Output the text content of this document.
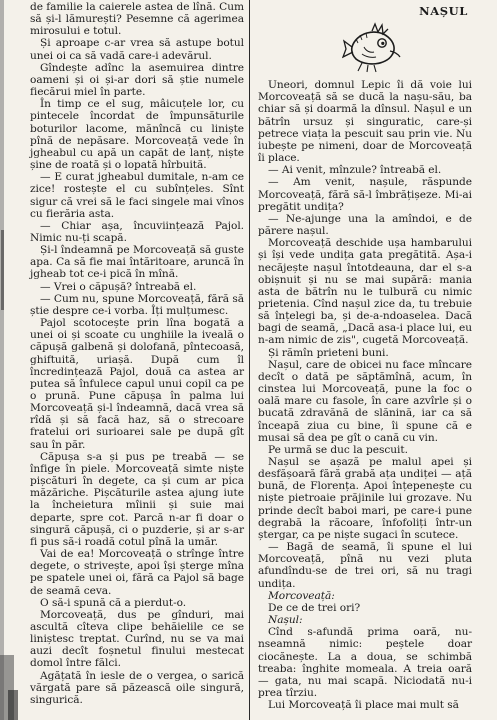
de familie la caierele astea de lînă. Cum să și-l lămurești? Pesemne că agerimea mirosului e totul.

Și aproape c-ar vrea să astupe botul unei oi ca să vadă care-i adevărul.

Gîndește adînc la asemuirea dintre oameni și oi și-ar dori să știe numele fiecărui miel în parte.

În timp ce el sug, mâicuțele lor, cu pintecele încordat de împunsăturile boturilor lacome, mănîncă cu liniște pînă de nepăsare. Morcoveață vede în jgheabul cu apă un capăt de lanț, niște șine de roată și o lopată hîrbuită.

— E curat jgheabul dumitale, n-am ce zice! rostește el cu subînțeles. Sînt sigur că vrei să le faci singele mai vînos cu fierăria asta.

— Chiar așa, încuviințează Pajol. Nimic nu-ți scapă.

Și-l îndeamnă pe Morcoveață să guste apa. Ca să fie mai întăritoare, aruncă în jgheab tot ce-i pică în mînă.

— Vrei o căpușă? întreabă el.

— Cum nu, spune Morcoveață, fără să știe despre ce-i vorba. Îți mulțumesc.

Pajol scotocește prin lîna bogată a unei oi și scoate cu unghiile la iveală o căpușă galbenă și dolofană, pîntecoasă, ghiftuită, uriașă. După cum îl încredințează Pajol, două ca astea ar putea să înfulece capul unui copil ca pe o prună. Pune căpușa în palma lui Morcoveață și-l îndeamnă, dacă vrea să rîdă și să facă haz, să o strecoare fratelui ori surioarei sale pe după gît sau în păr.

Căpușa s-a și pus pe treabă — se înfige în piele. Morcoveață simte niște pișcături în degete, ca și cum ar pica măzăriche. Pișcăturile astea ajung iute la încheietura mîinii și suie mai departe, spre cot. Parcă n-ar fi doar o singură căpușă, ci o puzderie, și ar s-ar fi pus să-i roadă cotul pînă la umăr.

Vai de ea! Morcoveață o strînge între degete, o strivește, apoi își șterge mîna pe spatele unei oi, fără ca Pajol să bage de seamă ceva.

O să-i spună că a pierdut-o.

Morcoveață, dus pe gînduri, mai ascultă cîteva clipe behăielile ce se liniștesc treptat. Curînd, nu se va mai auzi decît foșnetul finului mestecat domol între fălci.

Agățată în iesle de o vergea, o sarică vărgată pare să păzească oile singură, singurică.

NAȘUL

Uneori, domnul Lepic îi dă voie lui Morcoveață să se ducă la nașu-său, ba chiar să și doarmă la dînsul. Nașul e un bătrîn ursuz și singuratic, care-și petrece viața la pescuit sau prin vie. Nu iubește pe nimeni, doar de Morcoveață îi place.

— Ai venit, mînzule? întreabă el.

— Am venit, nașule, răspunde Morcoveață, fără să-l îmbrățișeze. Mi-ai pregătit undița?

— Ne-ajunge una la amîndoi, e de părere nașul.

Morcoveață deschide ușa hambarului și își vede undița gata pregătită. Așa-i necăjește nașul întotdeauna, dar el s-a obișnuit și nu se mai supără: mania asta de bătrîn nu le tulbură cu nimic prietenia. Cînd nașul zice da, tu trebuie să înțelegi ba, și de-a-ndoaselea. Dacă bagi de seamă, „Dacă asa-i place lui, eu n-am nimic de zis", cugetă Morcoveață.

Și rămîn prieteni buni.

Nașul, care de obicei nu face mîncare decît o dată pe săptămînă, acum, în cinstea lui Morcoveață, pune la foc o oală mare cu fasole, în care azvîrle și o bucată zdravănă de slănină, iar ca să înceapă ziua cu bine, îi spune că e musai să dea pe gît o cană cu vin.

Pe urmă se duc la pescuit.

Nașul se așază pe malul apei și desfășoară fără grabă ața undiței — ață bună, de Florența. Apoi înțepenește cu niște pietroaie prăjinile lui grozave. Nu prinde decît baboi mari, pe care-i pune degrabă la răcoare, înfofoliți într-un ștergar, ca pe niște sugaci în scutece.

— Bagă de seamă, îi spune el lui Morcoveață, pînă nu vezi pluta afundîndu-se de trei ori, să nu tragi undița.

Morcoveață:

De ce de trei ori?

Nașul:

Cînd s-afundă prima oară, nu-nseamnă nimic: peștele doar ciocănește. La a doua, se schimbă treaba: înghite momeala. A treia oară — gata, nu mai scapă. Niciodată nu-i prea tîrziu.

Lui Morcoveață îi place mai mult să
